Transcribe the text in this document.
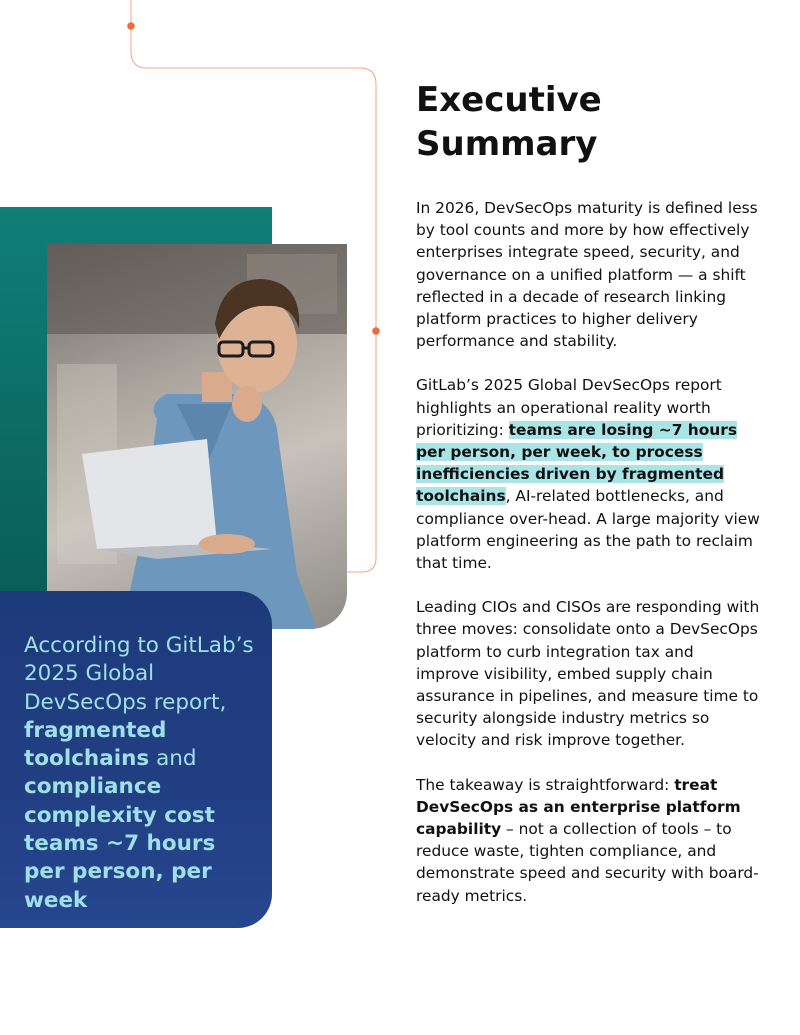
According to GitLab’s 2025 Global DevSecOps report, fragmented toolchains and compliance complexity cost teams ~7 hours per person, per week
Executive
Summary

In 2026, DevSecOps maturity is defined less by tool counts and more by how effectively enterprises integrate speed, security, and governance on a unified platform — a shift reflected in a decade of research linking platform practices to higher delivery performance and stability.

GitLab’s 2025 Global DevSecOps report highlights an operational reality worth prioritizing: teams are losing ~7 hours per person, per week, to process inefficiencies driven by fragmented toolchains, AI-related bottlenecks, and compliance over-head. A large majority view platform engineering as the path to reclaim that time.

Leading CIOs and CISOs are responding with three moves: consolidate onto a DevSecOps platform to curb integration tax and improve visibility, embed supply chain assurance in pipelines, and measure time to security alongside industry metrics so velocity and risk improve together.

The takeaway is straightforward: treat DevSecOps as an enterprise platform capability – not a collection of tools – to reduce waste, tighten compliance, and demonstrate speed and security with board-ready metrics.
